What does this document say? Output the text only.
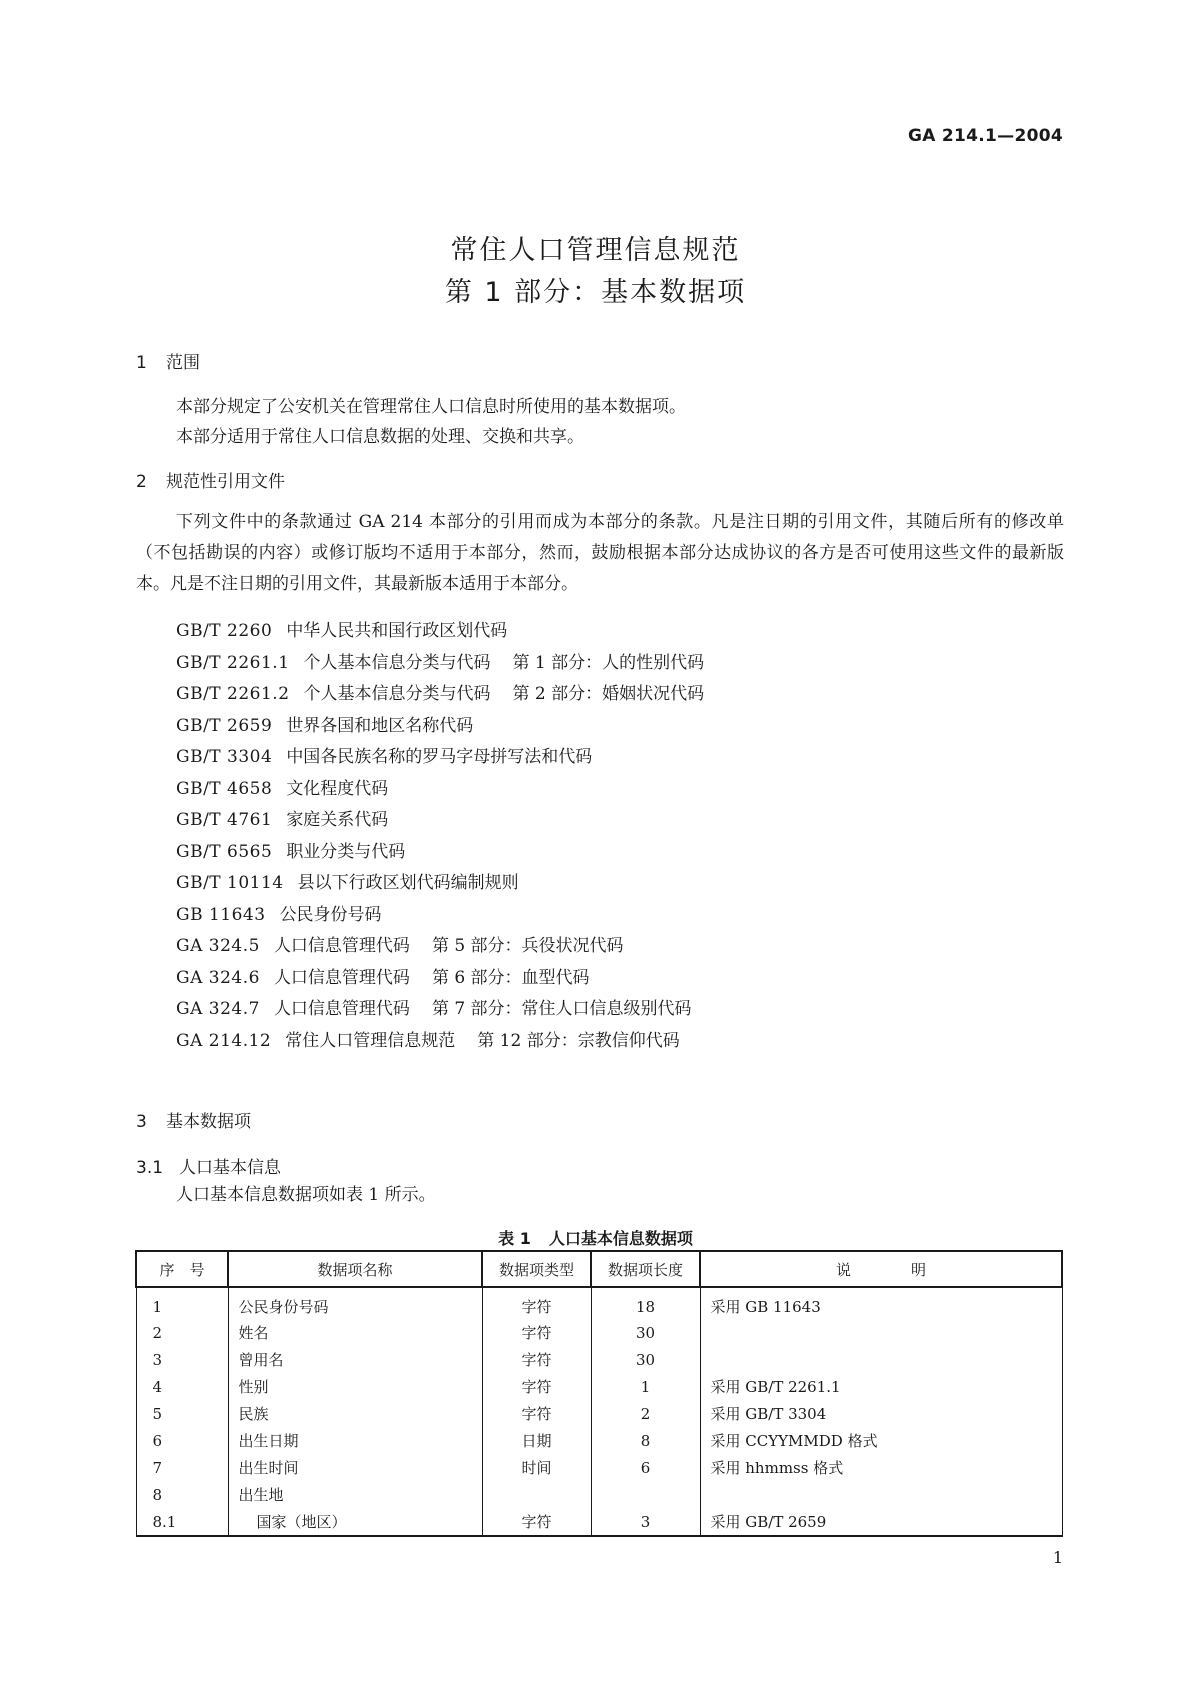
GA 214.1—2004
常住人口管理信息规范
第 1 部分：基本数据项
1 范围
本部分规定了公安机关在管理常住人口信息时所使用的基本数据项。
本部分适用于常住人口信息数据的处理、交换和共享。
2 规范性引用文件
下列文件中的条款通过 GA 214 本部分的引用而成为本部分的条款。凡是注日期的引用文件，其随后所有的修改单（不包括勘误的内容）或修订版均不适用于本部分，然而，鼓励根据本部分达成协议的各方是否可使用这些文件的最新版本。凡是不注日期的引用文件，其最新版本适用于本部分。
GB/T 2260 中华人民共和国行政区划代码
GB/T 2261.1 个人基本信息分类与代码 第 1 部分：人的性别代码
GB/T 2261.2 个人基本信息分类与代码 第 2 部分：婚姻状况代码
GB/T 2659 世界各国和地区名称代码
GB/T 3304 中国各民族名称的罗马字母拼写法和代码
GB/T 4658 文化程度代码
GB/T 4761 家庭关系代码
GB/T 6565 职业分类与代码
GB/T 10114 县以下行政区划代码编制规则
GB 11643 公民身份号码
GA 324.5 人口信息管理代码 第 5 部分：兵役状况代码
GA 324.6 人口信息管理代码 第 6 部分：血型代码
GA 324.7 人口信息管理代码 第 7 部分：常住人口信息级别代码
GA 214.12 常住人口管理信息规范 第 12 部分：宗教信仰代码
3 基本数据项
3.1 人口基本信息
人口基本信息数据项如表 1 所示。
表 1 人口基本信息数据项
序　号	数据项名称	数据项类型	数据项长度	说　　　　明
1	公民身份号码	字符	18	采用 GB 11643
2	姓名	字符	30	
3	曾用名	字符	30	
4	性别	字符	1	采用 GB/T 2261.1
5	民族	字符	2	采用 GB/T 3304
6	出生日期	日期	8	采用 CCYYMMDD 格式
7	出生时间	时间	6	采用 hhmmss 格式
8	出生地			
8.1	国家（地区）	字符	3	采用 GB/T 2659
1
